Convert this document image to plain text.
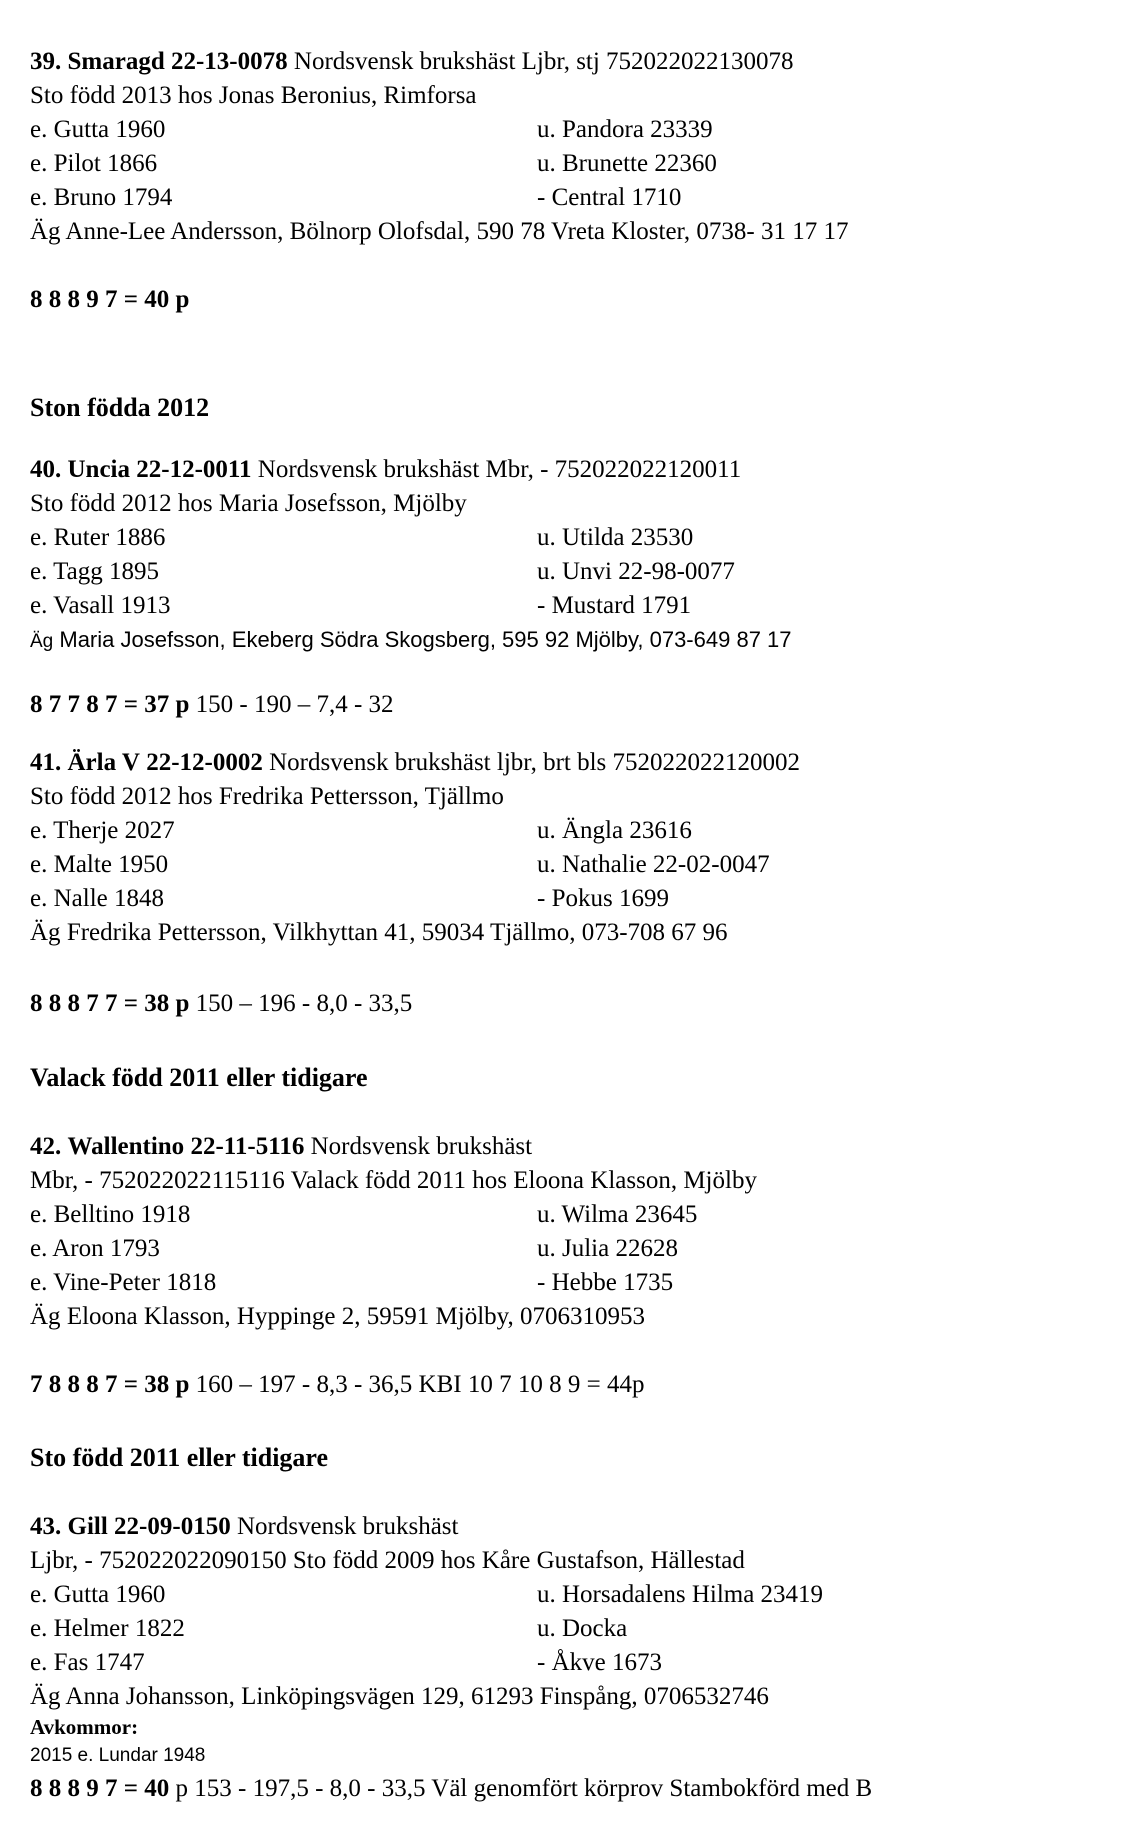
39. Smaragd 22-13-0078 Nordsvensk brukshäst Ljbr, stj 752022022130078
Sto född 2013 hos Jonas Beronius, Rimforsa
e. Gutta 1960	u. Pandora 23339
e. Pilot 1866	u. Brunette 22360
e. Bruno 1794	- Central 1710
Äg Anne-Lee Andersson, Bölnorp Olofsdal, 590 78 Vreta Kloster, 0738- 31 17 17
8 8 8 9 7 = 40 p
Ston födda 2012
40. Uncia 22-12-0011 Nordsvensk brukshäst Mbr, - 752022022120011
Sto född 2012 hos Maria Josefsson, Mjölby
e. Ruter 1886	u. Utilda 23530
e. Tagg 1895	u. Unvi 22-98-0077
e. Vasall 1913	- Mustard 1791
Äg Maria Josefsson, Ekeberg Södra Skogsberg, 595 92 Mjölby, 073-649 87 17
8 7 7 8 7 = 37 p 150 - 190 – 7,4 - 32
41. Ärla V 22-12-0002 Nordsvensk brukshäst ljbr, brt bls 752022022120002
Sto född 2012 hos Fredrika Pettersson, Tjällmo
e. Therje 2027	u. Ängla 23616
e. Malte 1950	u. Nathalie 22-02-0047
e. Nalle 1848	- Pokus 1699
Äg Fredrika Pettersson, Vilkhyttan 41, 59034 Tjällmo, 073-708 67 96
8 8 8 7 7 = 38 p 150 – 196 - 8,0 - 33,5
Valack född 2011 eller tidigare
42. Wallentino 22-11-5116 Nordsvensk brukshäst
Mbr, - 752022022115116 Valack född 2011 hos Eloona Klasson, Mjölby
e. Belltino 1918	u. Wilma 23645
e. Aron 1793	u. Julia 22628
e. Vine-Peter 1818	- Hebbe 1735
Äg Eloona Klasson, Hyppinge 2, 59591 Mjölby, 0706310953
7 8 8 8 7 = 38 p 160 – 197 - 8,3 - 36,5 KBI 10 7 10 8 9 = 44p
Sto född 2011 eller tidigare
43. Gill 22-09-0150 Nordsvensk brukshäst
Ljbr, - 752022022090150 Sto född 2009 hos Kåre Gustafson, Hällestad
e. Gutta 1960	u. Horsadalens Hilma 23419
e. Helmer 1822	u. Docka
e. Fas 1747	- Åkve 1673
Äg Anna Johansson, Linköpingsvägen 129, 61293 Finspång, 0706532746
Avkommor:
2015 e. Lundar 1948
8 8 8 9 7 = 40 p 153 - 197,5 - 8,0 - 33,5 Väl genomfört körprov Stambokförd med B
